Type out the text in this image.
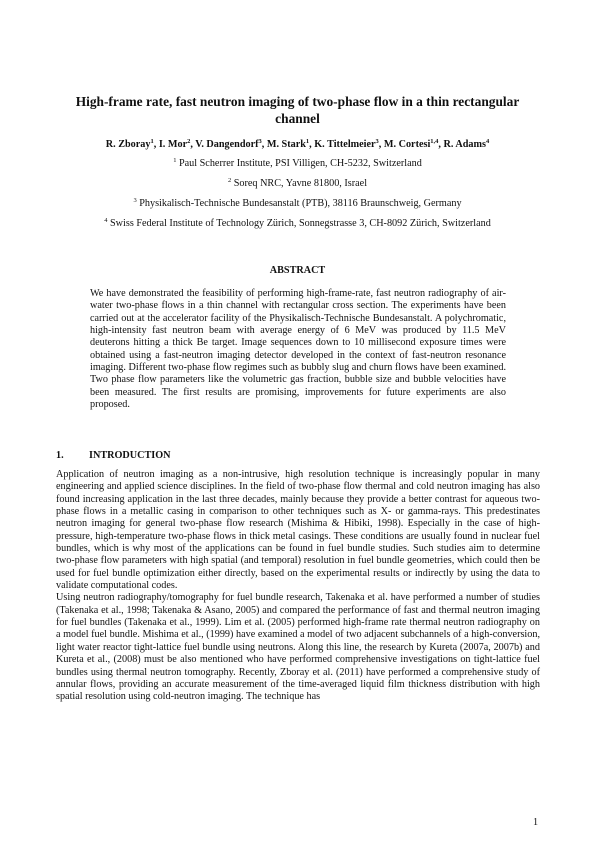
High-frame rate, fast neutron imaging of two-phase flow in a thin rectangular channel
R. Zboray$^1$, I. Mor$^2$, V. Dangendorf$^3$, M. Stark$^1$, K. Tittelmeier$^3$, M. Cortesi$^{1,4}$, R. Adams$^4$
$^1$ Paul Scherrer Institute, PSI Villigen, CH-5232, Switzerland
$^2$ Soreq NRC, Yavne 81800, Israel
$^3$ Physikalisch-Technische Bundesanstalt (PTB), 38116 Braunschweig, Germany
$^4$ Swiss Federal Institute of Technology Zürich, Sonnegstrasse 3, CH-8092 Zürich, Switzerland
ABSTRACT

We have demonstrated the feasibility of performing high-frame-rate, fast neutron radiography of air-water two-phase flows in a thin channel with rectangular cross section. The experiments have been carried out at the accelerator facility of the Physikalisch-Technische Bundesanstalt. A polychromatic, high-intensity fast neutron beam with average energy of 6 MeV was produced by 11.5 MeV deuterons hitting a thick Be target. Image sequences down to 10 millisecond exposure times were obtained using a fast-neutron imaging detector developed in the context of fast-neutron resonance imaging. Different two-phase flow regimes such as bubbly slug and churn flows have been examined. Two phase flow parameters like the volumetric gas fraction, bubble size and bubble velocities have been measured. The first results are promising, improvements for future experiments are also proposed.

1. INTRODUCTION

Application of neutron imaging as a non-intrusive, high resolution technique is increasingly popular in many engineering and applied science disciplines. In the field of two-phase flow thermal and cold neutron imaging has also found increasing application in the last three decades, mainly because they provide a better contrast for aqueous two-phase flows in a metallic casing in comparison to other techniques such as X- or gamma-rays. This predestinates neutron imaging for general two-phase flow research (Mishima & Hibiki, 1998). Especially in the case of high-pressure, high-temperature two-phase flows in thick metal casings. These conditions are usually found in nuclear fuel bundles, which is why most of the applications can be found in fuel bundle studies. Such studies aim to determine two-phase flow parameters with high spatial (and temporal) resolution in fuel bundle geometries, which could then be used for fuel bundle optimization either directly, based on the experimental results or indirectly by using the data to validate computational codes.

Using neutron radiography/tomography for fuel bundle research, Takenaka et al. have performed a number of studies (Takenaka et al., 1998; Takenaka & Asano, 2005) and compared the performance of fast and thermal neutron imaging for fuel bundles (Takenaka et al., 1999). Lim et al. (2005) performed high-frame rate thermal neutron radiography on a model fuel bundle. Mishima et al., (1999) have examined a model of two adjacent subchannels of a high-conversion, light water reactor tight-lattice fuel bundle using neutrons. Along this line, the research by Kureta (2007a, 2007b) and Kureta et al., (2008) must be also mentioned who have performed comprehensive investigations on tight-lattice fuel bundles using thermal neutron tomography. Recently, Zboray et al. (2011) have performed a comprehensive study of annular flows, providing an accurate measurement of the time-averaged liquid film thickness distribution with high spatial resolution using cold-neutron imaging. The technique has

1
